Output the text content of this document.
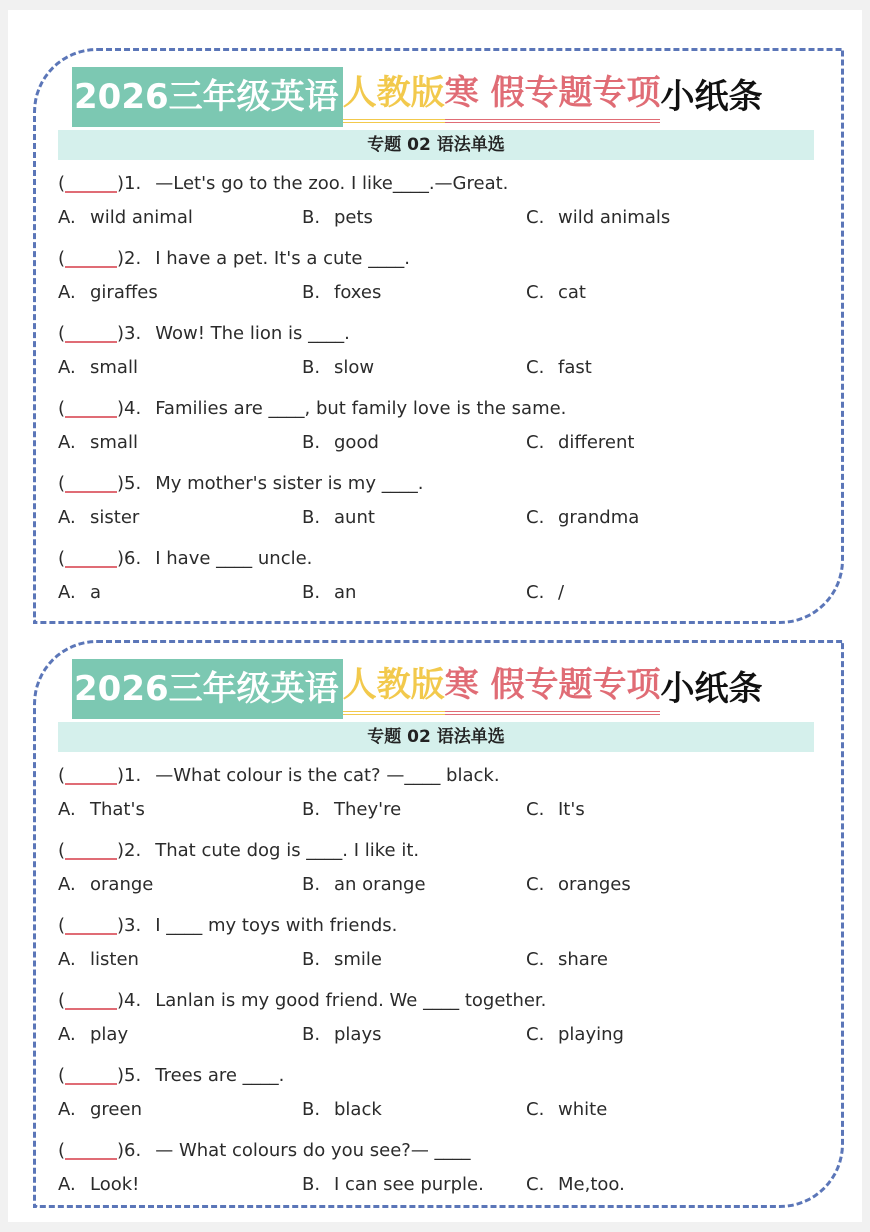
2026三年级英语 人教版寒 假专题专项小纸条
专题 02 语法单选
(	)1. —Let's go to the zoo. I like____.—Great.
A. wild animal	B. pets	C. wild animals
(	)2. I have a pet. It's a cute ____.
A. giraffes	B. foxes	C. cat
(	)3. Wow! The lion is ____.
A. small	B. slow	C. fast
(	)4. Families are ____, but family love is the same.
A. small	B. good	C. different
(	)5. My mother's sister is my ____.
A. sister	B. aunt	C. grandma
(	)6. I have ____ uncle.
A. a	B. an	C. /
2026三年级英语 人教版寒 假专题专项小纸条
专题 02 语法单选
(	)1. —What colour is the cat? —____ black.
A. That's	B. They're	C. It's
(	)2. That cute dog is ____. I like it.
A. orange	B. an orange	C. oranges
(	)3. I ____ my toys with friends.
A. listen	B. smile	C. share
(	)4. Lanlan is my good friend. We ____ together.
A. play	B. plays	C. playing
(	)5. Trees are ____.
A. green	B. black	C. white
(	)6. — What colours do you see?— ____
A. Look!	B. I can see purple. C. Me,too.
